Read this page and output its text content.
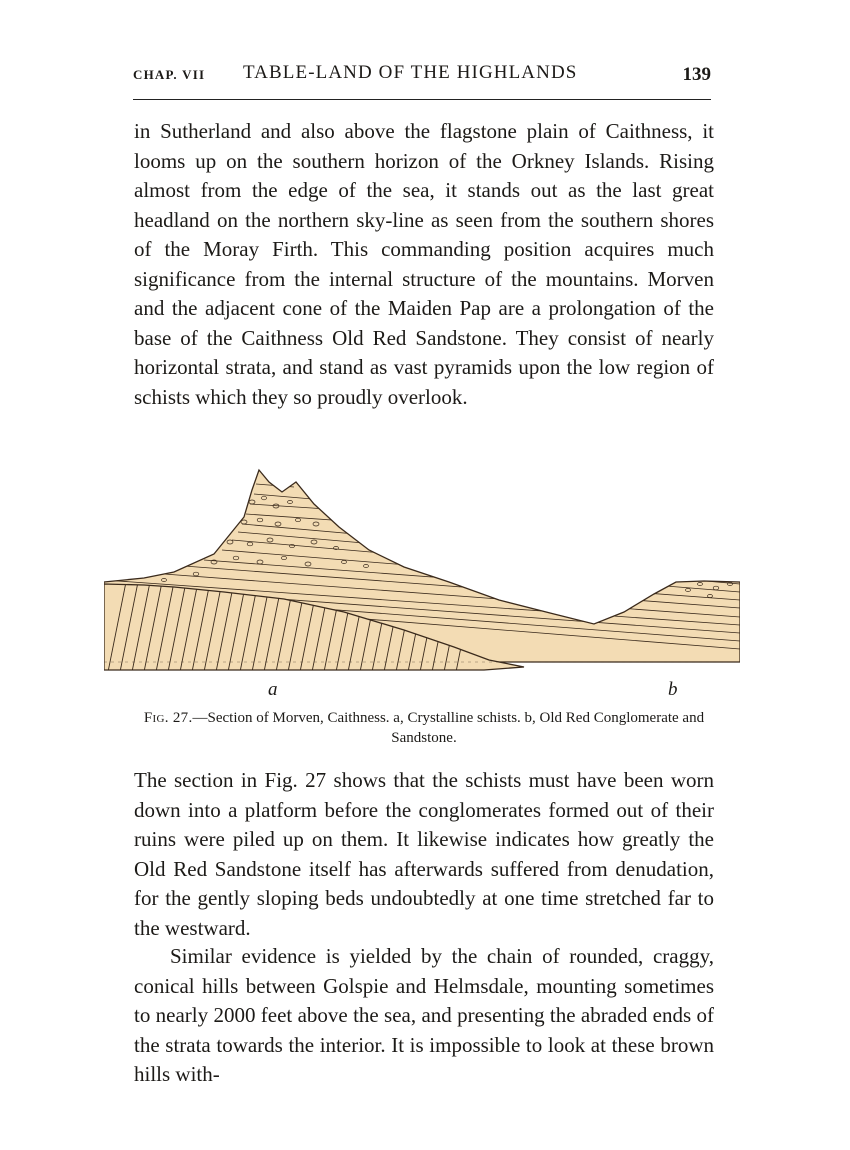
CHAP. VII TABLE-LAND OF THE HIGHLANDS	139

in Sutherland and also above the flagstone plain of Caithness, it looms up on the southern horizon of the Orkney Islands. Rising almost from the edge of the sea, it stands out as the last great headland on the northern sky-line as seen from the southern shores of the Moray Firth. This commanding position acquires much significance from the internal structure of the mountains. Morven and the adjacent cone of the Maiden Pap are a prolongation of the base of the Caithness Old Red Sandstone. They consist of nearly horizontal strata, and stand as vast pyramids upon the low region of schists which they so proudly overlook.

a	b

Fig. 27.—Section of Morven, Caithness. a, Crystalline schists. b, Old Red Conglomerate and Sandstone.

The section in Fig. 27 shows that the schists must have been worn down into a platform before the conglomerates formed out of their ruins were piled up on them. It likewise indicates how greatly the Old Red Sandstone itself has afterwards suffered from denudation, for the gently sloping beds undoubtedly at one time stretched far to the westward.

Similar evidence is yielded by the chain of rounded, craggy, conical hills between Golspie and Helmsdale, mounting sometimes to nearly 2000 feet above the sea, and presenting the abraded ends of the strata towards the interior. It is impossible to look at these brown hills with-
